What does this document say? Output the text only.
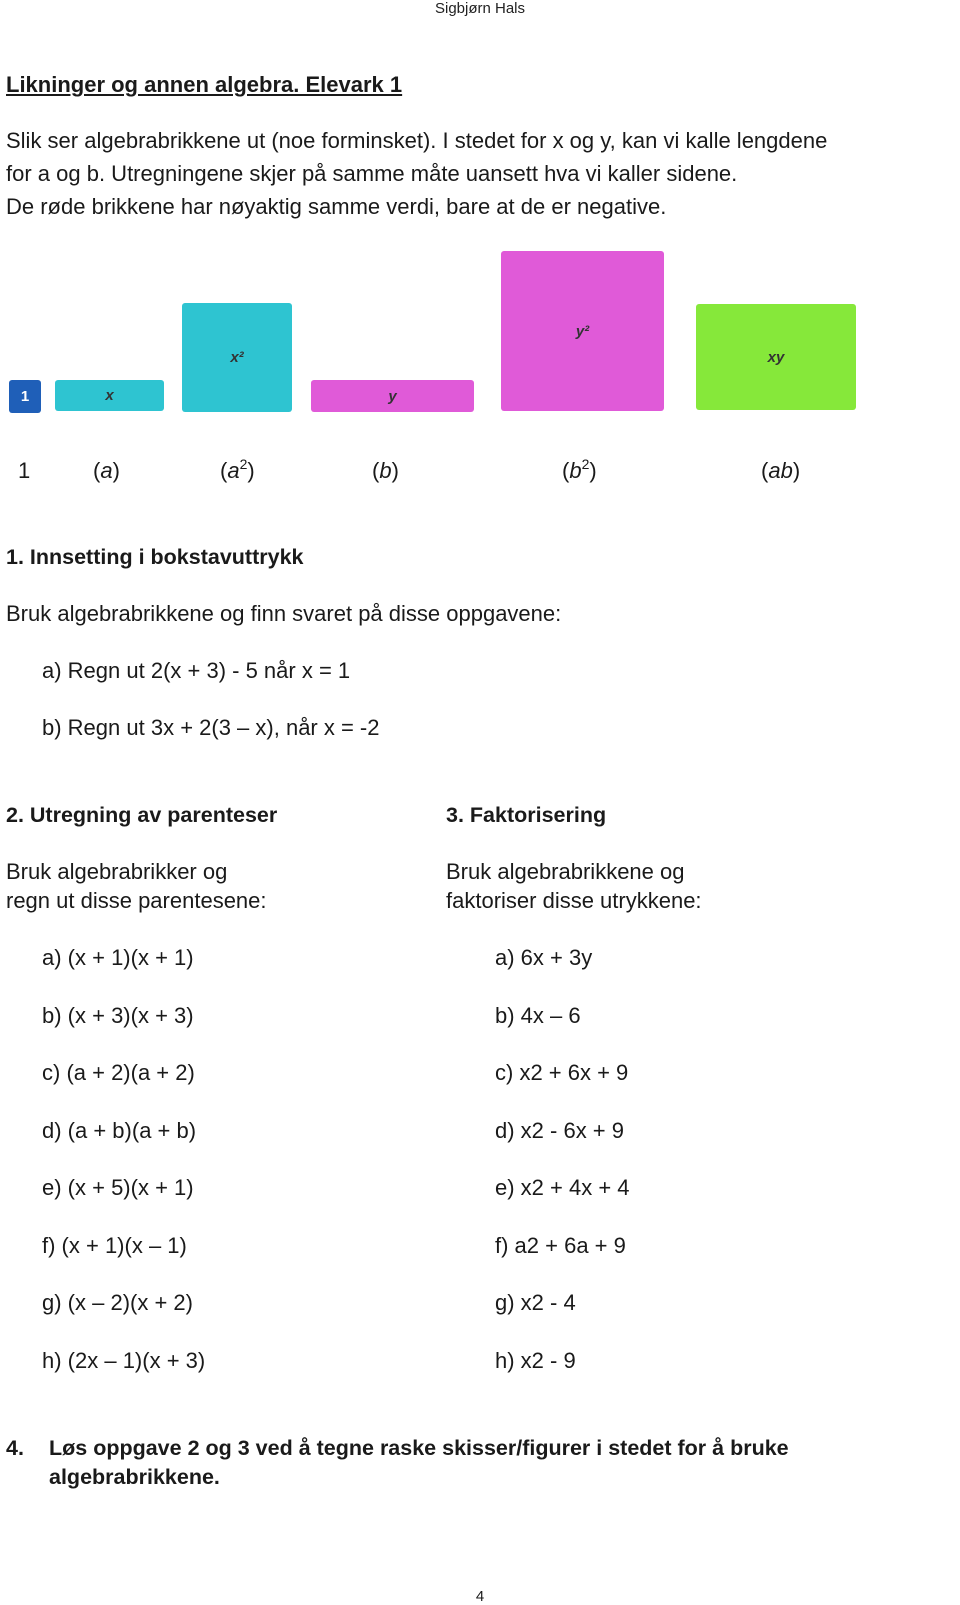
Sigbjørn Hals
Likninger og annen algebra. Elevark 1
Slik ser algebrabrikkene ut (noe forminsket). I stedet for x og y, kan vi kalle lengdene
for a og b. Utregningene skjer på samme måte uansett hva vi kaller sidene.
De røde brikkene har nøyaktig samme verdi, bare at de er negative.
1	x
x²
y
y²
xy
1	(a)	$(a^2)$	(b)	$(b^2)$	(ab)
1. Innsetting i bokstavuttrykk
Bruk algebrabrikkene og finn svaret på disse oppgavene:
a) Regn ut 2(x + 3) - 5 når x = 1
b) Regn ut 3x + 2(3 – x), når x = -2
2. Utregning av parenteser
Bruk algebrabrikker og
regn ut disse parentesene:
a) (x + 1)(x + 1)
b) (x + 3)(x + 3)
c) (a + 2)(a + 2)
d) (a + b)(a + b)
e) (x + 5)(x + 1)
f) (x + 1)(x – 1)
g) (x – 2)(x + 2)
h) (2x – 1)(x + 3)
3. Faktorisering
Bruk algebrabrikkene og
faktoriser disse utrykkene:
a) 6x + 3y
b) 4x – 6
c) x2 + 6x + 9
d) x2 - 6x + 9
e) x2 + 4x + 4
f) a2 + 6a + 9
g) x2 - 4
h) x2 - 9
4. Løs oppgave 2 og 3 ved å tegne raske skisser/figurer i stedet for å bruke
algebrabrikkene.
4
